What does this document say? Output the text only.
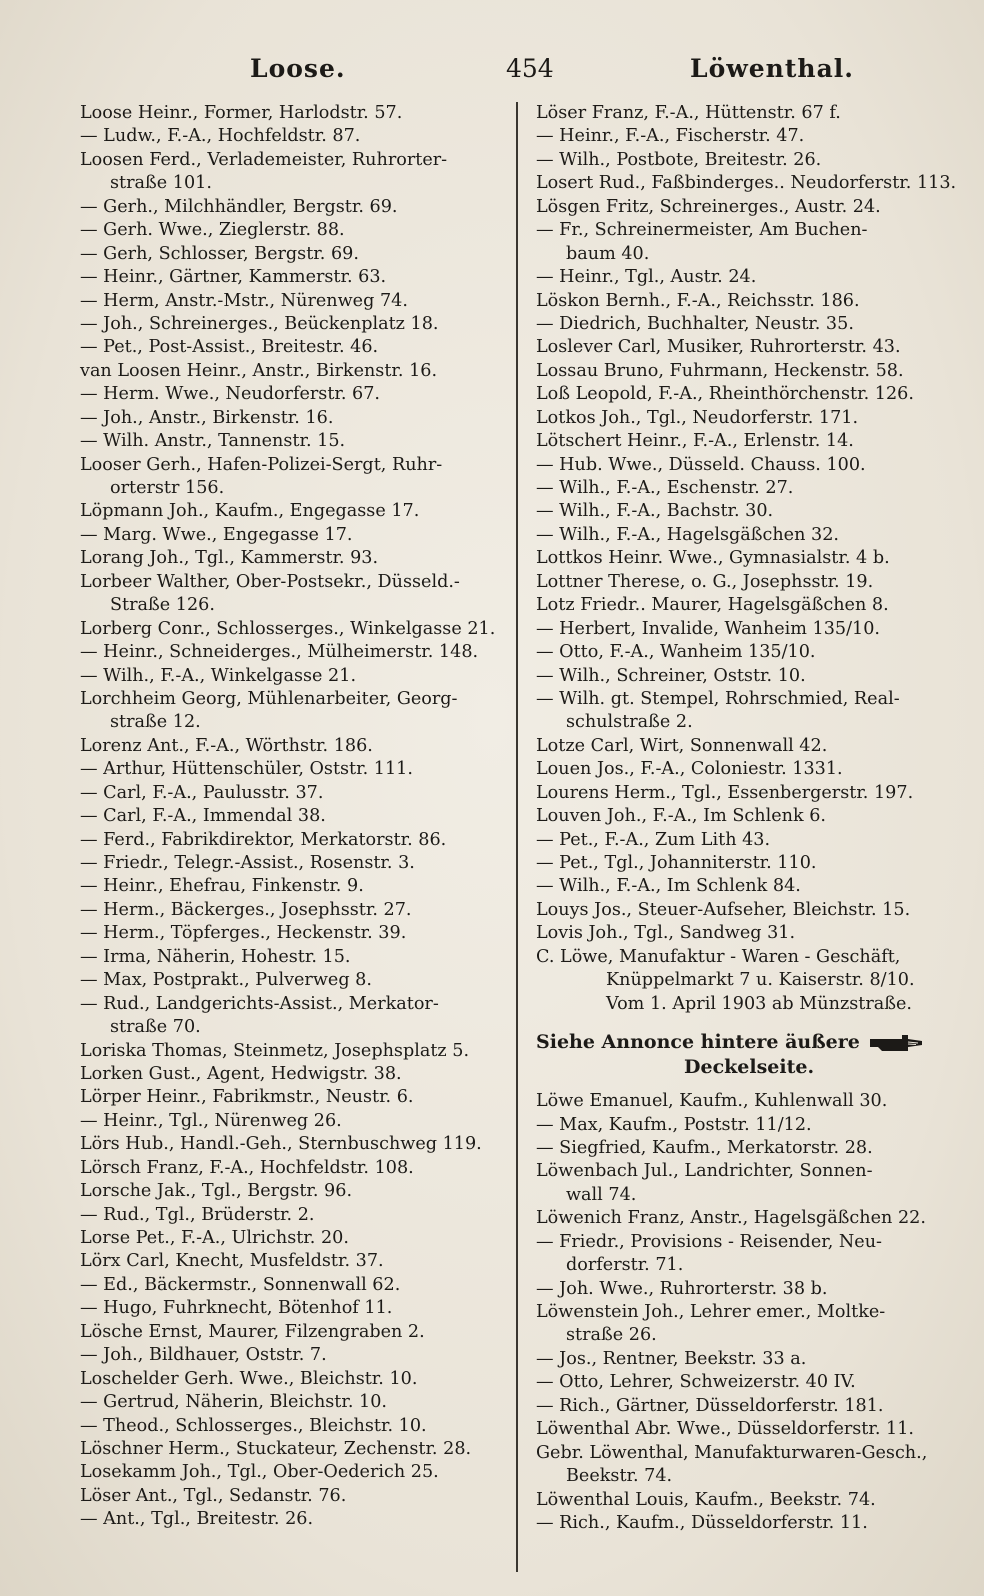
Loose.	454	Löwenthal.
Loose Heinr., Former, Harlodstr. 57.
— Ludw., F.-A., Hochfeldstr. 87.
Loosen Ferd., Verlademeister, Ruhrorter-
straße 101.
— Gerh., Milchhändler, Bergstr. 69.
— Gerh. Wwe., Zieglerstr. 88.
— Gerh, Schlosser, Bergstr. 69.
— Heinr., Gärtner, Kammerstr. 63.
— Herm, Anstr.-Mstr., Nürenweg 74.
— Joh., Schreinerges., Beückenplatz 18.
— Pet., Post-Assist., Breitestr. 46.
van Loosen Heinr., Anstr., Birkenstr. 16.
— Herm. Wwe., Neudorferstr. 67.
— Joh., Anstr., Birkenstr. 16.
— Wilh. Anstr., Tannenstr. 15.
Looser Gerh., Hafen-Polizei-Sergt, Ruhr-
orterstr 156.
Löpmann Joh., Kaufm., Engegasse 17.
— Marg. Wwe., Engegasse 17.
Lorang Joh., Tgl., Kammerstr. 93.
Lorbeer Walther, Ober-Postsekr., Düsseld.-
Straße 126.
Lorberg Conr., Schlosserges., Winkelgasse 21.
— Heinr., Schneiderges., Mülheimerstr. 148.
— Wilh., F.-A., Winkelgasse 21.
Lorchheim Georg, Mühlenarbeiter, Georg-
straße 12.
Lorenz Ant., F.-A., Wörthstr. 186.
— Arthur, Hüttenschüler, Oststr. 111.
— Carl, F.-A., Paulusstr. 37.
— Carl, F.-A., Immendal 38.
— Ferd., Fabrikdirektor, Merkatorstr. 86.
— Friedr., Telegr.-Assist., Rosenstr. 3.
— Heinr., Ehefrau, Finkenstr. 9.
— Herm., Bäckerges., Josephsstr. 27.
— Herm., Töpferges., Heckenstr. 39.
— Irma, Näherin, Hohestr. 15.
— Max, Postprakt., Pulverweg 8.
— Rud., Landgerichts-Assist., Merkator-
straße 70.
Loriska Thomas, Steinmetz, Josephsplatz 5.
Lorken Gust., Agent, Hedwigstr. 38.
Lörper Heinr., Fabrikmstr., Neustr. 6.
— Heinr., Tgl., Nürenweg 26.
Lörs Hub., Handl.-Geh., Sternbuschweg 119.
Lörsch Franz, F.-A., Hochfeldstr. 108.
Lorsche Jak., Tgl., Bergstr. 96.
— Rud., Tgl., Brüderstr. 2.
Lorse Pet., F.-A., Ulrichstr. 20.
Lörx Carl, Knecht, Musfeldstr. 37.
— Ed., Bäckermstr., Sonnenwall 62.
— Hugo, Fuhrknecht, Bötenhof 11.
Lösche Ernst, Maurer, Filzengraben 2.
— Joh., Bildhauer, Oststr. 7.
Loschelder Gerh. Wwe., Bleichstr. 10.
— Gertrud, Näherin, Bleichstr. 10.
— Theod., Schlosserges., Bleichstr. 10.
Löschner Herm., Stuckateur, Zechenstr. 28.
Losekamm Joh., Tgl., Ober-Oederich 25.
Löser Ant., Tgl., Sedanstr. 76.
— Ant., Tgl., Breitestr. 26.
Löser Franz, F.-A., Hüttenstr. 67 f.
— Heinr., F.-A., Fischerstr. 47.
— Wilh., Postbote, Breitestr. 26.
Losert Rud., Faßbinderges.. Neudorferstr. 113.
Lösgen Fritz, Schreinerges., Austr. 24.
— Fr., Schreinermeister, Am Buchen-
baum 40.
— Heinr., Tgl., Austr. 24.
Löskon Bernh., F.-A., Reichsstr. 186.
— Diedrich, Buchhalter, Neustr. 35.
Loslever Carl, Musiker, Ruhrorterstr. 43.
Lossau Bruno, Fuhrmann, Heckenstr. 58.
Loß Leopold, F.-A., Rheinthörchenstr. 126.
Lotkos Joh., Tgl., Neudorferstr. 171.
Lötschert Heinr., F.-A., Erlenstr. 14.
— Hub. Wwe., Düsseld. Chauss. 100.
— Wilh., F.-A., Eschenstr. 27.
— Wilh., F.-A., Bachstr. 30.
— Wilh., F.-A., Hagelsgäßchen 32.
Lottkos Heinr. Wwe., Gymnasialstr. 4 b.
Lottner Therese, o. G., Josephsstr. 19.
Lotz Friedr.. Maurer, Hagelsgäßchen 8.
— Herbert, Invalide, Wanheim 135/10.
— Otto, F.-A., Wanheim 135/10.
— Wilh., Schreiner, Oststr. 10.
— Wilh. gt. Stempel, Rohrschmied, Real-
schulstraße 2.
Lotze Carl, Wirt, Sonnenwall 42.
Louen Jos., F.-A., Coloniestr. 1331.
Lourens Herm., Tgl., Essenbergerstr. 197.
Louven Joh., F.-A., Im Schlenk 6.
— Pet., F.-A., Zum Lith 43.
— Pet., Tgl., Johanniterstr. 110.
— Wilh., F.-A., Im Schlenk 84.
Louys Jos., Steuer-Aufseher, Bleichstr. 15.
Lovis Joh., Tgl., Sandweg 31.
C. Löwe, Manufaktur - Waren - Geschäft,
Knüppelmarkt 7 u. Kaiserstr. 8/10.
Vom 1. April 1903 ab Münzstraße.
Siehe Annonce hintere äußere
Deckelseite.
Löwe Emanuel, Kaufm., Kuhlenwall 30.
— Max, Kaufm., Poststr. 11/12.
— Siegfried, Kaufm., Merkatorstr. 28.
Löwenbach Jul., Landrichter, Sonnen-
wall 74.
Löwenich Franz, Anstr., Hagelsgäßchen 22.
— Friedr., Provisions - Reisender, Neu-
dorferstr. 71.
— Joh. Wwe., Ruhrorterstr. 38 b.
Löwenstein Joh., Lehrer emer., Moltke-
straße 26.
— Jos., Rentner, Beekstr. 33 a.
— Otto, Lehrer, Schweizerstr. 40 IV.
— Rich., Gärtner, Düsseldorferstr. 181.
Löwenthal Abr. Wwe., Düsseldorferstr. 11.
Gebr. Löwenthal, Manufakturwaren-Gesch.,
Beekstr. 74.
Löwenthal Louis, Kaufm., Beekstr. 74.
— Rich., Kaufm., Düsseldorferstr. 11.
